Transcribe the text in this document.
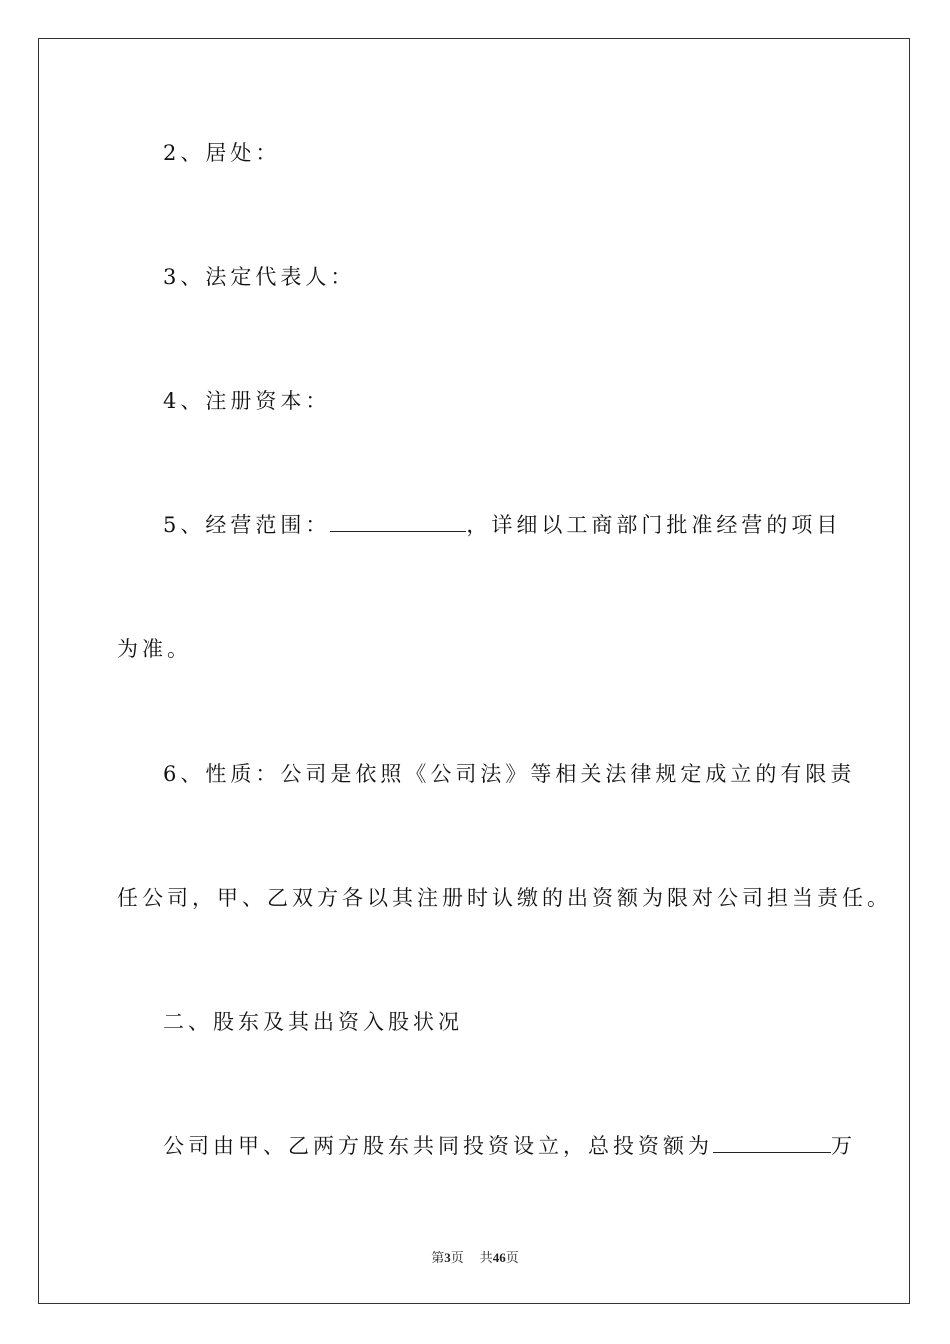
2、居处：
3、法定代表人：
4、注册资本：
5、经营范围：	，详细以工商部门批准经营的项目
为准。
6、性质：公司是依照《公司法》等相关法律规定成立的有限责
任公司，甲、乙双方各以其注册时认缴的出资额为限对公司担当责任。
二、股东及其出资入股状况
公司由甲、乙两方股东共同投资设立，总投资额为	万
第3页 共46页
